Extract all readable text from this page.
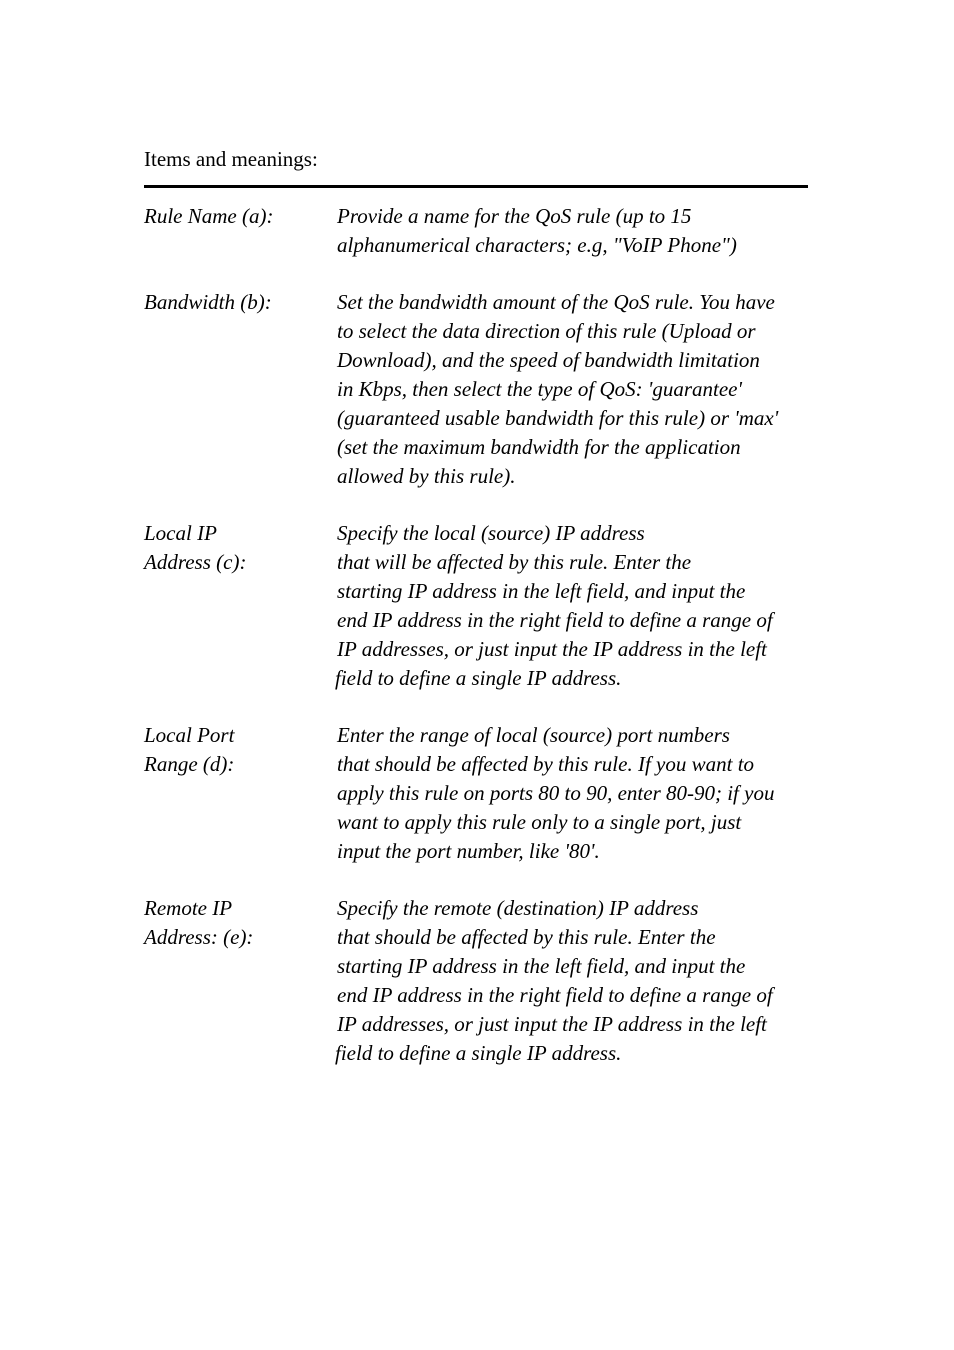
Items and meanings:
Rule Name (a):	Provide a name for the QoS rule (up to 15
alphanumerical characters; e.g, "VoIP Phone")
Bandwidth (b):	Set the bandwidth amount of the QoS rule. You have
to select the data direction of this rule (Upload or
Download), and the speed of bandwidth limitation
in Kbps, then select the type of QoS: 'guarantee'
(guaranteed usable bandwidth for this rule) or 'max'
(set the maximum bandwidth for the application
allowed by this rule).
Local IP
Address (c):
Specify the local (source) IP address
that will be affected by this rule. Enter the
starting IP address in the left field, and input the
end IP address in the right field to define a range of
IP addresses, or just input the IP address in the left
field to define a single IP address.
Local Port
Range (d):
Enter the range of local (source) port numbers
that should be affected by this rule. If you want to
apply this rule on ports 80 to 90, enter 80-90; if you
want to apply this rule only to a single port, just
input the port number, like '80'.
Remote IP
Address: (e):
Specify the remote (destination) IP address
that should be affected by this rule. Enter the
starting IP address in the left field, and input the
end IP address in the right field to define a range of
IP addresses, or just input the IP address in the left
field to define a single IP address.
